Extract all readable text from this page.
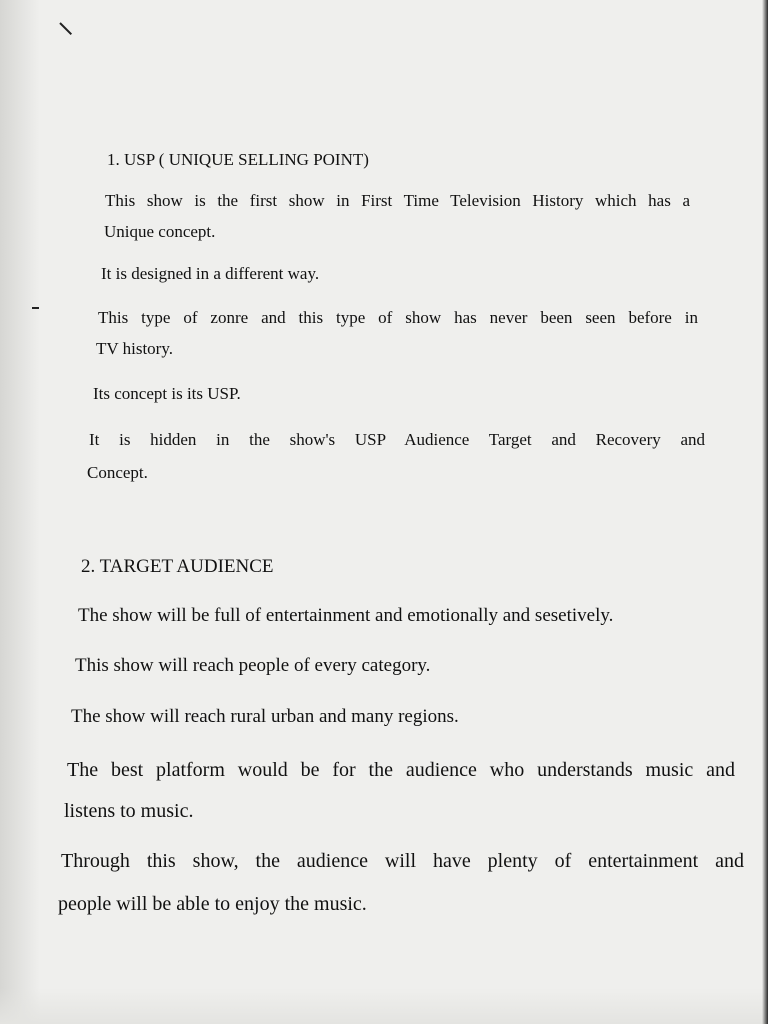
1. USP ( UNIQUE SELLING POINT)

This show is the first show in First Time Television History which has a

Unique concept.

It is designed in a different way.

This type of zonre and this type of show has never been seen before in

TV history.

Its concept is its USP.

It is hidden in the show's USP Audience Target and Recovery and

Concept.

2. TARGET AUDIENCE

The show will be full of entertainment and emotionally and sesetively.

This show will reach people of every category.

The show will reach rural urban and many regions.

The best platform would be for the audience who understands music and

listens to music.

Through this show, the audience will have plenty of entertainment and

people will be able to enjoy the music.
